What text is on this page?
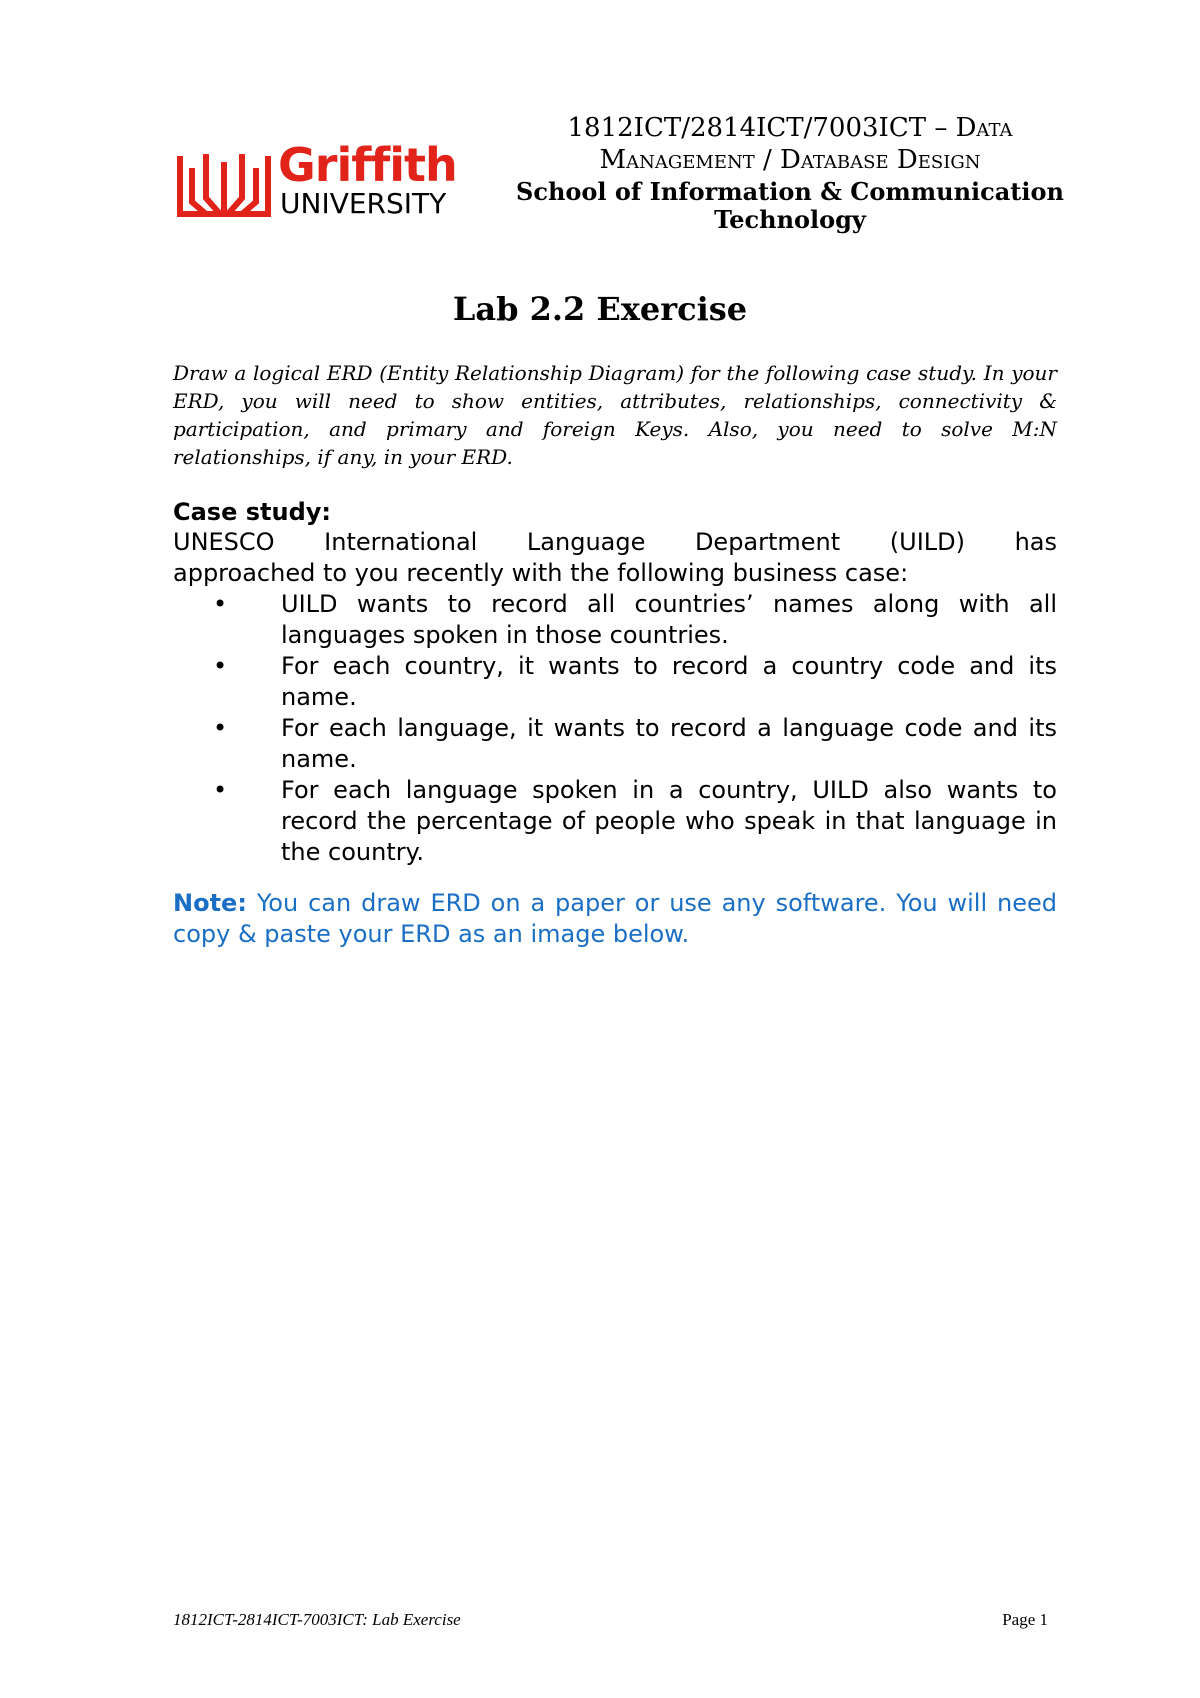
Griffith
UNIVERSITY
1812ICT/2814ICT/7003ICT – Data
Management / Database Design
School of Information & Communication Technology
Lab 2.2 Exercise

Draw a logical ERD (Entity Relationship Diagram) for the following case study. In your ERD, you will need to show entities, attributes, relationships, connectivity & participation, and primary and foreign Keys. Also, you need to solve M:N relationships, if any, in your ERD.

Case study:

UNESCO International Language Department (UILD) has

approached to you recently with the following business case:

• UILD wants to record all countries’ names along with all languages spoken in those countries.
• For each country, it wants to record a country code and its name.
• For each language, it wants to record a language code and its name.
• For each language spoken in a country, UILD also wants to record the percentage of people who speak in that language in the country.
Note: You can draw ERD on a paper or use any software. You will need copy & paste your ERD as an image below.
1812ICT-2814ICT-7003ICT: Lab Exercise	Page 1
